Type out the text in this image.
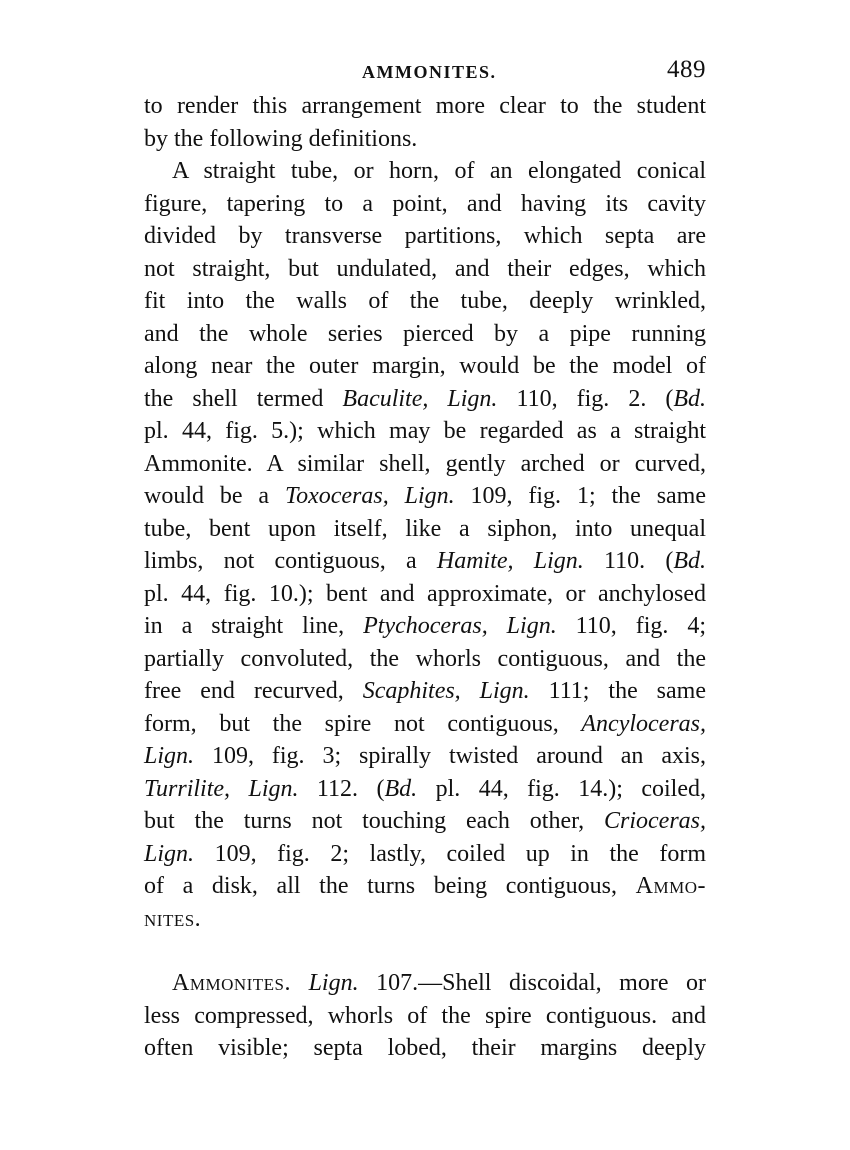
AMMONITES.	489
to render this arrangement more clear to the student
by the following definitions.
A straight tube, or horn, of an elongated conical
figure, tapering to a point, and having its cavity
divided by transverse partitions, which septa are
not straight, but undulated, and their edges, which
fit into the walls of the tube, deeply wrinkled,
and the whole series pierced by a pipe running
along near the outer margin, would be the model of
the shell termed Baculite, Lign. 110, fig. 2. (Bd.
pl. 44, fig. 5.); which may be regarded as a straight
Ammonite. A similar shell, gently arched or curved,
would be a Toxoceras, Lign. 109, fig. 1; the same
tube, bent upon itself, like a siphon, into unequal
limbs, not contiguous, a Hamite, Lign. 110. (Bd.
pl. 44, fig. 10.); bent and approximate, or anchylosed
in a straight line, Ptychoceras, Lign. 110, fig. 4;
partially convoluted, the whorls contiguous, and the
free end recurved, Scaphites, Lign. 111; the same
form, but the spire not contiguous, Ancyloceras,
Lign. 109, fig. 3; spirally twisted around an axis,
Turrilite, Lign. 112. (Bd. pl. 44, fig. 14.); coiled,
but the turns not touching each other, Crioceras,
Lign. 109, fig. 2; lastly, coiled up in the form
of a disk, all the turns being contiguous, Ammo-
nites.
Ammonites. Lign. 107.—Shell discoidal, more or
less compressed, whorls of the spire contiguous. and
often visible; septa lobed, their margins deeply
